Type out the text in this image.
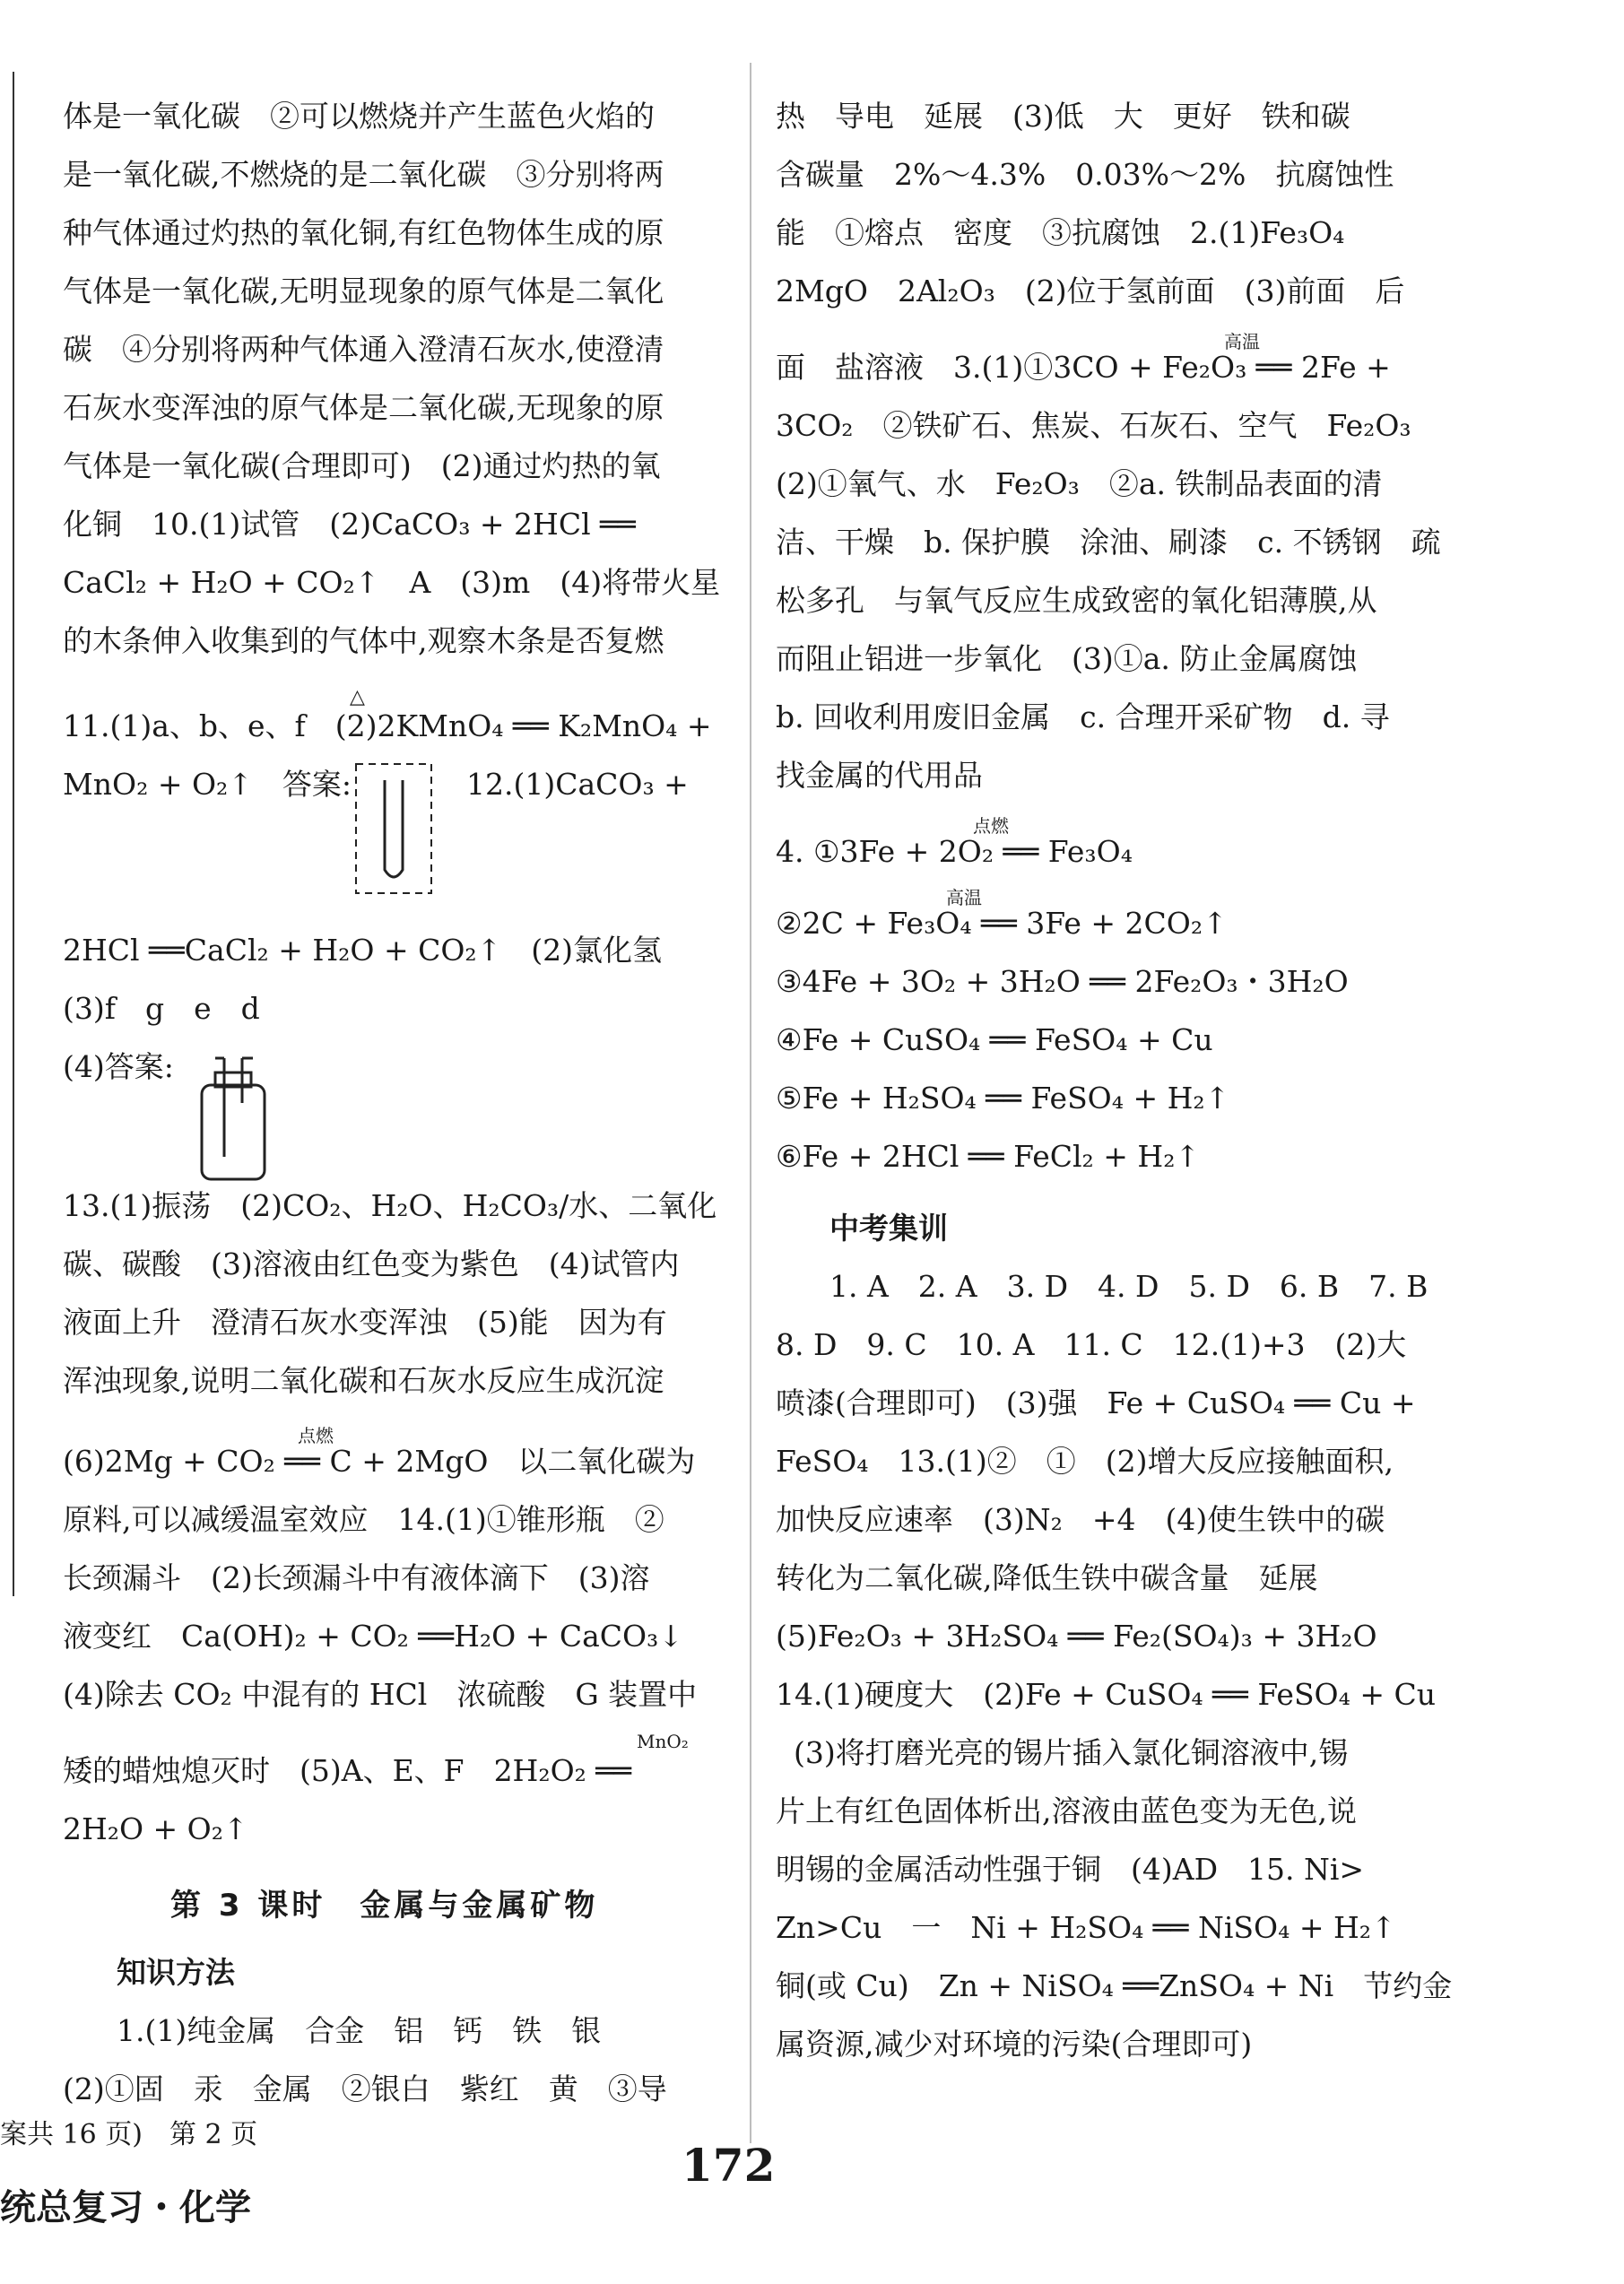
体是一氧化碳　②可以燃烧并产生蓝色火焰的
是一氧化碳,不燃烧的是二氧化碳　③分别将两
种气体通过灼热的氧化铜,有红色物体生成的原
气体是一氧化碳,无明显现象的原气体是二氧化
碳　④分别将两种气体通入澄清石灰水,使澄清
石灰水变浑浊的原气体是二氧化碳,无现象的原
气体是一氧化碳(合理即可)　(2)通过灼热的氧
化铜　10.(1)试管　(2)CaCO₃ + 2HCl ══
CaCl₂ + H₂O + CO₂↑　A　(3)m　(4)将带火星
的木条伸入收集到的气体中,观察木条是否复燃
△
11.(1)a、b、e、f　(2)2KMnO₄ ══ K₂MnO₄ +
MnO₂ + O₂↑　答案:	12.(1)CaCO₃ +
2HCl ══CaCl₂ + H₂O + CO₂↑　(2)氯化氢
(3)f　g　e　d
(4)答案:
13.(1)振荡　(2)CO₂、H₂O、H₂CO₃/水、二氧化
碳、碳酸　(3)溶液由红色变为紫色　(4)试管内
液面上升　澄清石灰水变浑浊　(5)能　因为有
浑浊现象,说明二氧化碳和石灰水反应生成沉淀
点燃
(6)2Mg + CO₂ ══ C + 2MgO　以二氧化碳为
原料,可以减缓温室效应　14.(1)①锥形瓶　②
长颈漏斗　(2)长颈漏斗中有液体滴下　(3)溶
液变红　Ca(OH)₂ + CO₂ ══H₂O + CaCO₃↓
(4)除去 CO₂ 中混有的 HCl　浓硫酸　G 装置中
MnO₂
矮的蜡烛熄灭时　(5)A、E、F　2H₂O₂ ══
2H₂O + O₂↑
第 3 课时　金属与金属矿物
知识方法
1.(1)纯金属　合金　铝　钙　铁　银
(2)①固　汞　金属　②银白　紫红　黄　③导
热　导电　延展　(3)低　大　更好　铁和碳
含碳量　2%～4.3%　0.03%～2%　抗腐蚀性
能　①熔点　密度　③抗腐蚀　2.(1)Fe₃O₄
2MgO　2Al₂O₃　(2)位于氢前面　(3)前面　后
高温
面　盐溶液　3.(1)①3CO + Fe₂O₃ ══ 2Fe +
3CO₂　②铁矿石、焦炭、石灰石、空气　Fe₂O₃
(2)①氧气、水　Fe₂O₃　②a. 铁制品表面的清
洁、干燥　b. 保护膜　涂油、刷漆　c. 不锈钢　疏
松多孔　与氧气反应生成致密的氧化铝薄膜,从
而阻止铝进一步氧化　(3)①a. 防止金属腐蚀
b. 回收利用废旧金属　c. 合理开采矿物　d. 寻
找金属的代用品
点燃
4. ①3Fe + 2O₂ ══ Fe₃O₄
高温
②2C + Fe₃O₄ ══ 3Fe + 2CO₂↑
③4Fe + 3O₂ + 3H₂O ══ 2Fe₂O₃・3H₂O
④Fe + CuSO₄ ══ FeSO₄ + Cu
⑤Fe + H₂SO₄ ══ FeSO₄ + H₂↑
⑥Fe + 2HCl ══ FeCl₂ + H₂↑
中考集训
1. A　2. A　3. D　4. D　5. D　6. B　7. B
8. D　9. C　10. A　11. C　12.(1)+3　(2)大
喷漆(合理即可)　(3)强　Fe + CuSO₄ ══ Cu +
FeSO₄　13.(1)②　①　(2)增大反应接触面积,
加快反应速率　(3)N₂　+4　(4)使生铁中的碳
转化为二氧化碳,降低生铁中碳含量　延展
(5)Fe₂O₃ + 3H₂SO₄ ══ Fe₂(SO₄)₃ + 3H₂O
14.(1)硬度大　(2)Fe + CuSO₄ ══ FeSO₄ + Cu
(3)将打磨光亮的锡片插入氯化铜溶液中,锡
片上有红色固体析出,溶液由蓝色变为无色,说
明锡的金属活动性强于铜　(4)AD　15. Ni>
Zn>Cu　一　Ni + H₂SO₄ ══ NiSO₄ + H₂↑
铜(或 Cu)　Zn + NiSO₄ ══ZnSO₄ + Ni　节约金
属资源,减少对环境的污染(合理即可)
案共 16 页)　第 2 页
172
统总复习・化学
